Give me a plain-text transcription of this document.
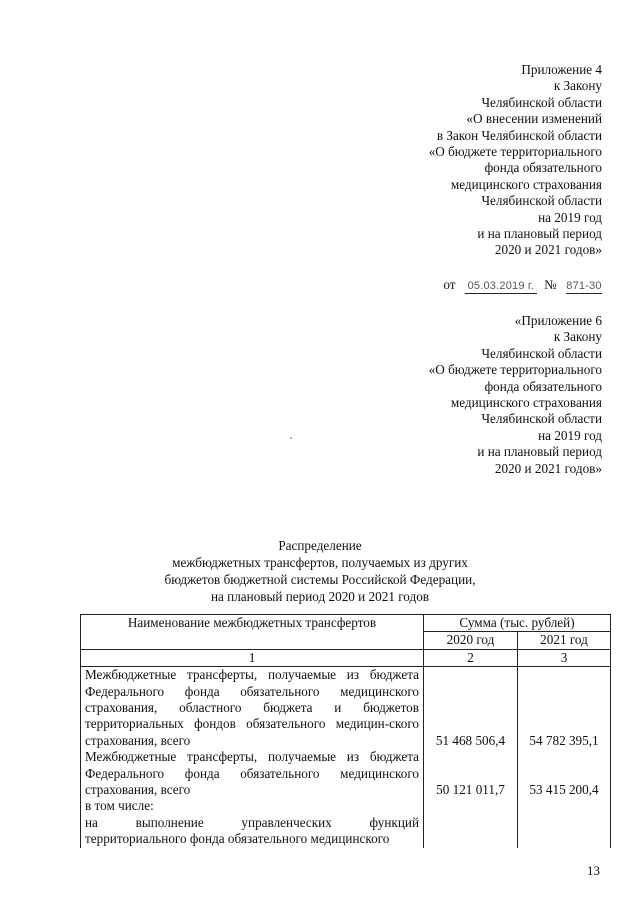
Приложение 4
к Закону
Челябинской области
«О внесении изменений
в Закон Челябинской области
«О бюджете территориального
фонда обязательного
медицинского страхования
Челябинской области
на 2019 год
и на плановый период
2020 и 2021 годов»
от 05.03.2019 г. № 871-30
«Приложение 6
к Закону
Челябинской области
«О бюджете территориального
фонда обязательного
медицинского страхования
Челябинской области
на 2019 год
и на плановый период
2020 и 2021 годов»
Распределение
межбюджетных трансфертов, получаемых из других
бюджетов бюджетной системы Российской Федерации,
на плановый период 2020 и 2021 годов
Наименование межбюджетных трансфертов	Сумма (тыс. рублей)	
	2020 год	2021 год
1	2	3
Межбюджетные трансферты, получаемые из бюджета Федерального фонда обязательного медицинского страхования, областного бюджета и бюджетов территориальных фондов обязательного медицин-ского страхования, всего	51 468 506,4	54 782 395,1
Межбюджетные трансферты, получаемые из бюджета Федерального фонда обязательного медицинского страхования, всего	50 121 011,7	53 415 200,4
в том числе:		
на выполнение управленческих функций территориального фонда обязательного медицинского		
13
